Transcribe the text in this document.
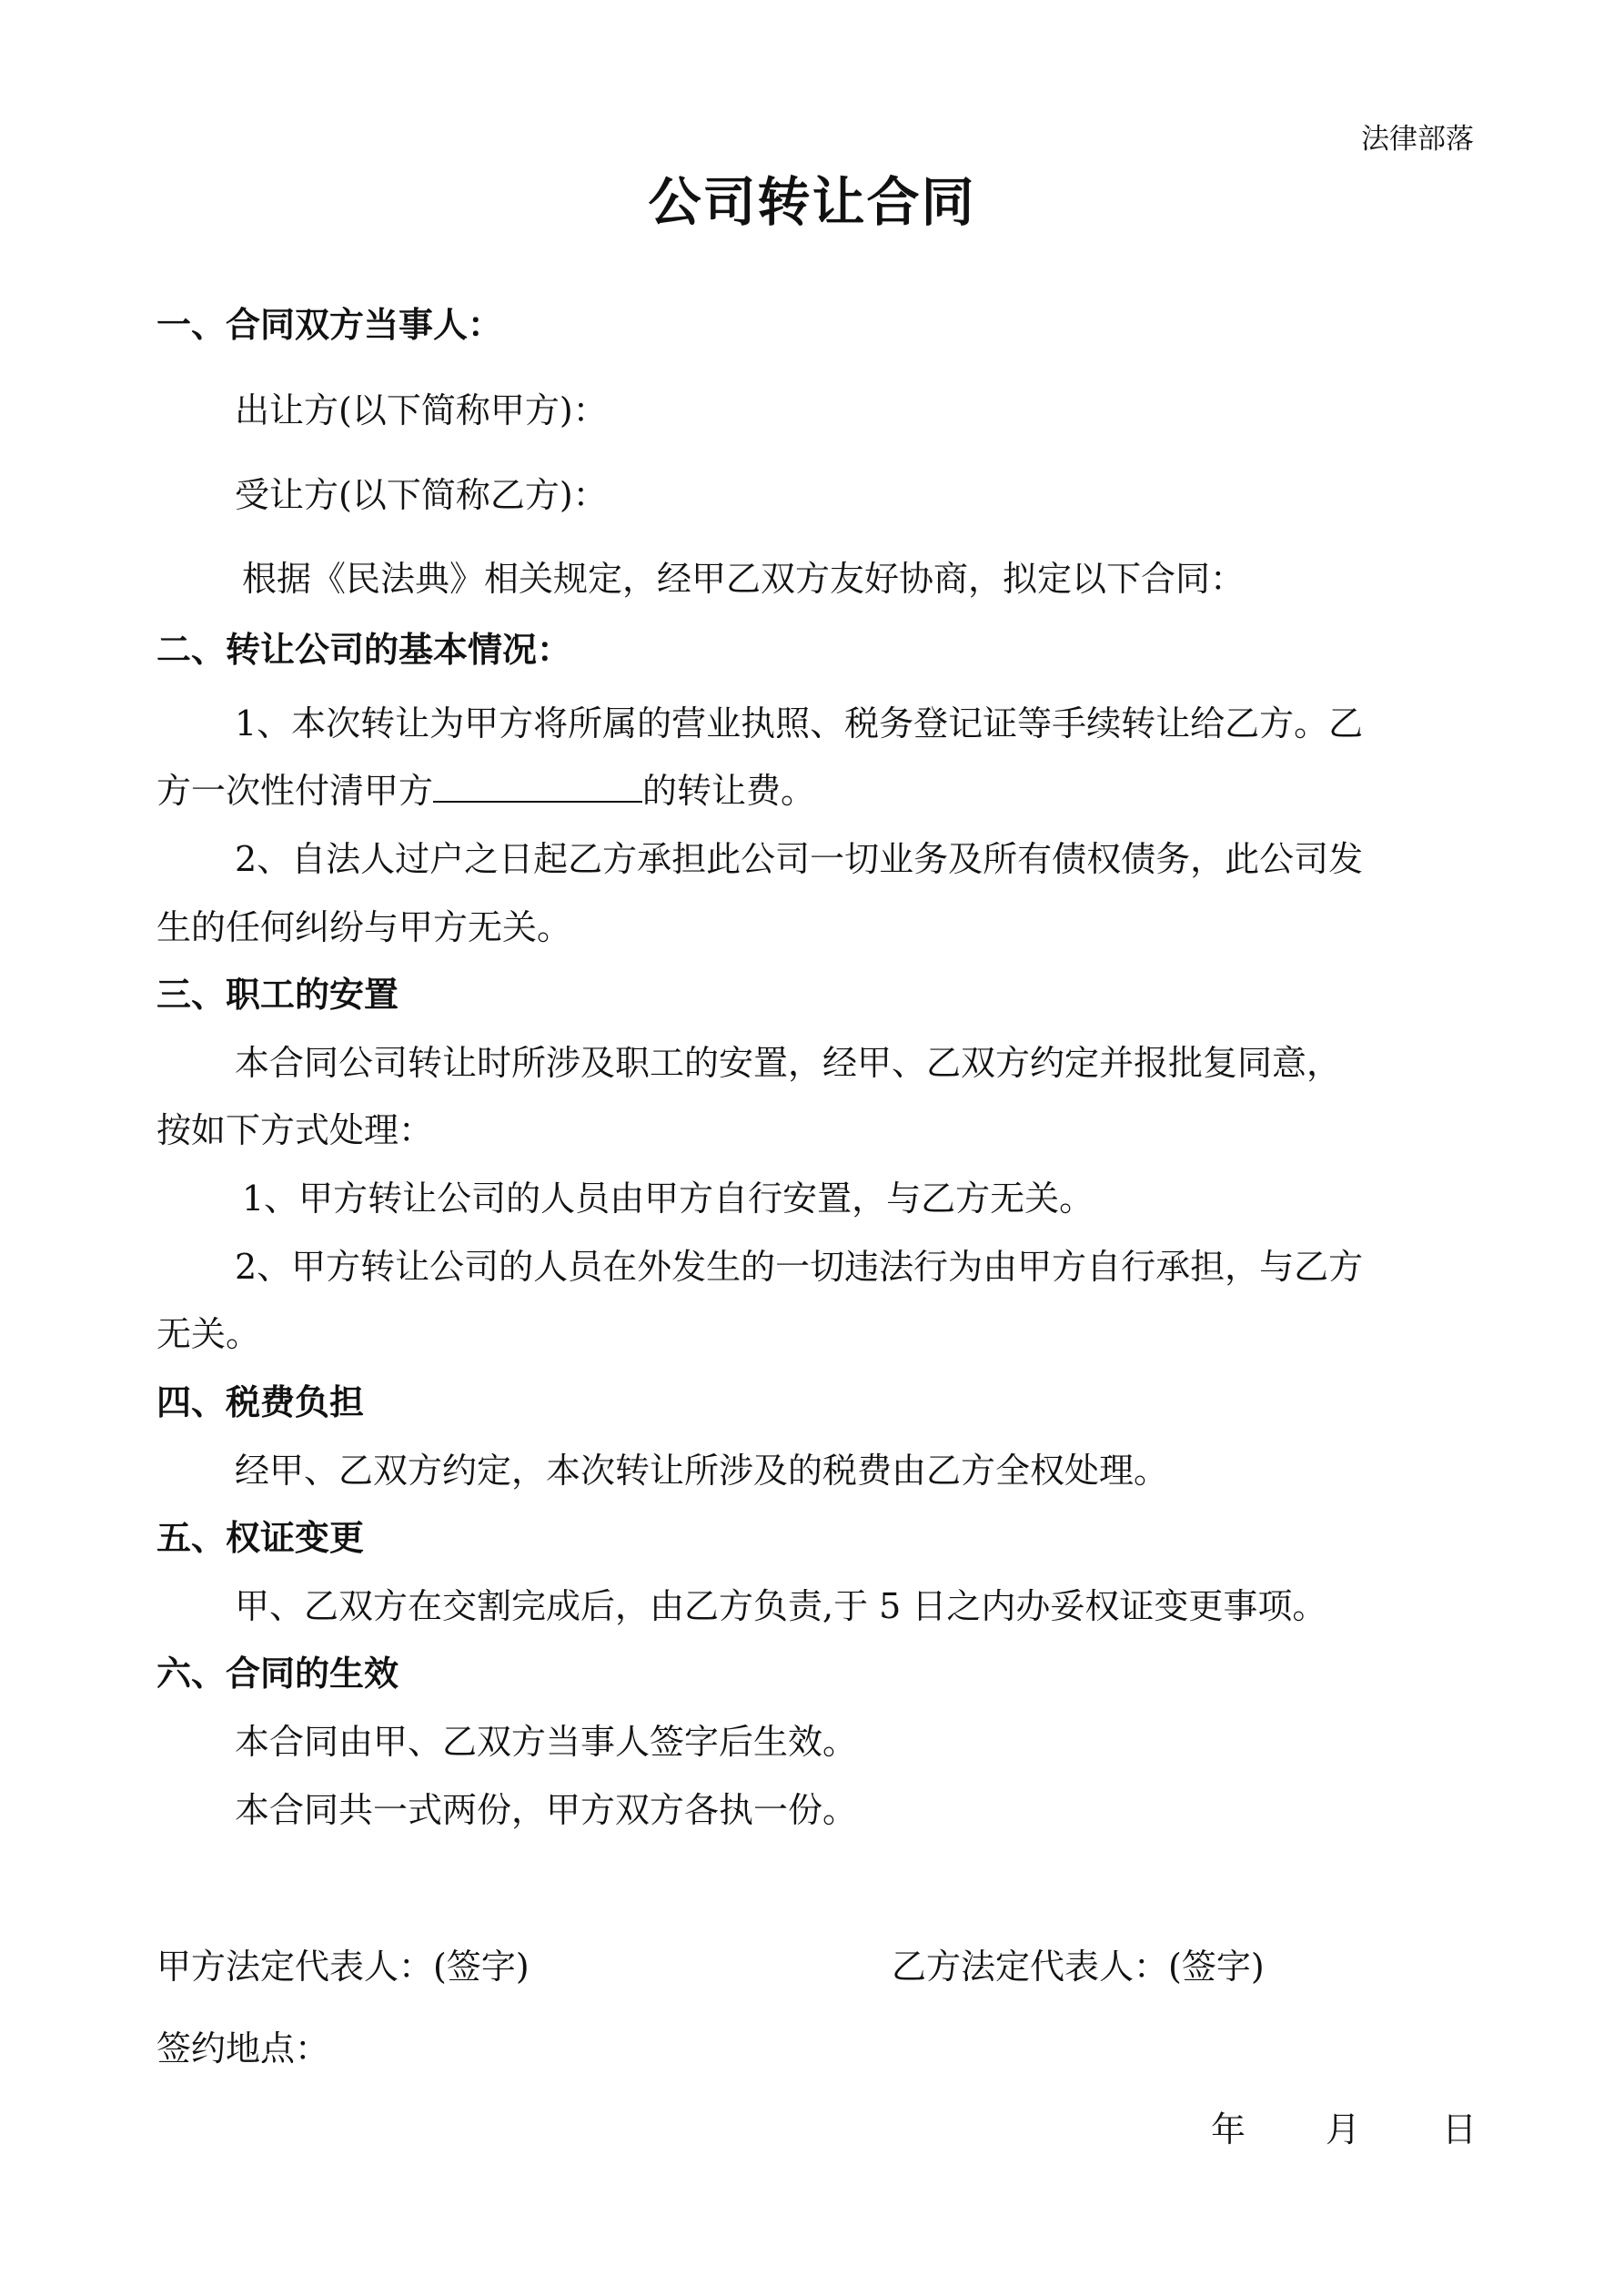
法律部落
公司转让合同
一、合同双方当事人：
出让方(以下简称甲方)：
受让方(以下简称乙方)：
根据《民法典》相关规定，经甲乙双方友好协商，拟定以下合同：
二、转让公司的基本情况：
1、本次转让为甲方将所属的营业执照、税务登记证等手续转让给乙方。乙
方一次性付清甲方	的转让费。
2、自法人过户之日起乙方承担此公司一切业务及所有债权债务，此公司发
生的任何纠纷与甲方无关。
三、职工的安置
本合同公司转让时所涉及职工的安置，经甲、乙双方约定并报批复同意，
按如下方式处理：
1、甲方转让公司的人员由甲方自行安置，与乙方无关。
2、甲方转让公司的人员在外发生的一切违法行为由甲方自行承担，与乙方
无关。
四、税费负担
经甲、乙双方约定，本次转让所涉及的税费由乙方全权处理。
五、权证变更
甲、乙双方在交割完成后，由乙方负责,于 5 日之内办妥权证变更事项。
六、合同的生效
本合同由甲、乙双方当事人签字后生效。
本合同共一式两份，甲方双方各执一份。
甲方法定代表人：(签字)	乙方法定代表人：(签字)
签约地点：
年 月 日
